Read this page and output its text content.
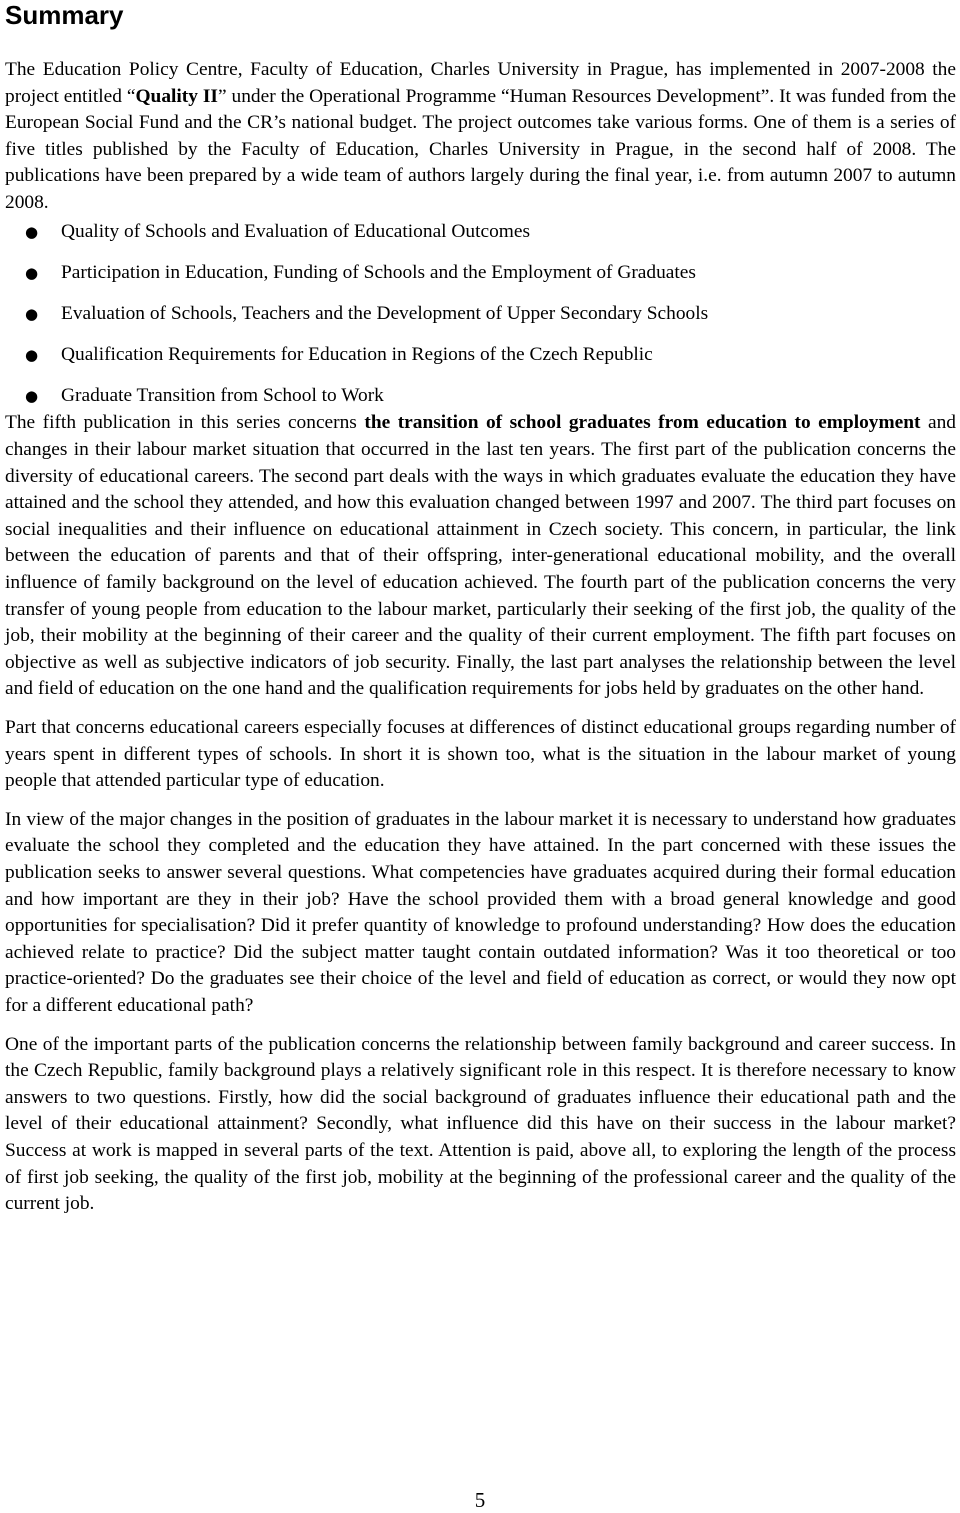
Summary

The Education Policy Centre, Faculty of Education, Charles University in Prague, has implemented in 2007-2008 the project entitled “Quality II” under the Operational Programme “Human Resources Development”. It was funded from the European Social Fund and the CR’s national budget. The project outcomes take various forms. One of them is a series of five titles published by the Faculty of Education, Charles University in Prague, in the second half of 2008. The publications have been prepared by a wide team of authors largely during the final year, i.e. from autumn 2007 to autumn 2008.

● Quality of Schools and Evaluation of Educational Outcomes
● Participation in Education, Funding of Schools and the Employment of Graduates
● Evaluation of Schools, Teachers and the Development of Upper Secondary Schools
● Qualification Requirements for Education in Regions of the Czech Republic
● Graduate Transition from School to Work

The fifth publication in this series concerns the transition of school graduates from education to employment and changes in their labour market situation that occurred in the last ten years. The first part of the publication concerns the diversity of educational careers. The second part deals with the ways in which graduates evaluate the education they have attained and the school they attended, and how this evaluation changed between 1997 and 2007. The third part focuses on social inequalities and their influence on educational attainment in Czech society. This concern, in particular, the link between the education of parents and that of their offspring, inter-generational educational mobility, and the overall influence of family background on the level of education achieved. The fourth part of the publication concerns the very transfer of young people from education to the labour market, particularly their seeking of the first job, the quality of the job, their mobility at the beginning of their career and the quality of their current employment. The fifth part focuses on objective as well as subjective indicators of job security. Finally, the last part analyses the relationship between the level and field of education on the one hand and the qualification requirements for jobs held by graduates on the other hand.

Part that concerns educational careers especially focuses at differences of distinct educational groups regarding number of years spent in different types of schools. In short it is shown too, what is the situation in the labour market of young people that attended particular type of education.

In view of the major changes in the position of graduates in the labour market it is necessary to understand how graduates evaluate the school they completed and the education they have attained. In the part concerned with these issues the publication seeks to answer several questions. What competencies have graduates acquired during their formal education and how important are they in their job? Have the school provided them with a broad general knowledge and good opportunities for specialisation? Did it prefer quantity of knowledge to profound understanding? How does the education achieved relate to practice? Did the subject matter taught contain outdated information? Was it too theoretical or too practice-oriented? Do the graduates see their choice of the level and field of education as correct, or would they now opt for a different educational path?

One of the important parts of the publication concerns the relationship between family background and career success. In the Czech Republic, family background plays a relatively significant role in this respect. It is therefore necessary to know answers to two questions. Firstly, how did the social background of graduates influence their educational path and the level of their educational attainment? Secondly, what influence did this have on their success in the labour market? Success at work is mapped in several parts of the text. Attention is paid, above all, to exploring the length of the process of first job seeking, the quality of the first job, mobility at the beginning of the professional career and the quality of the current job.

5
